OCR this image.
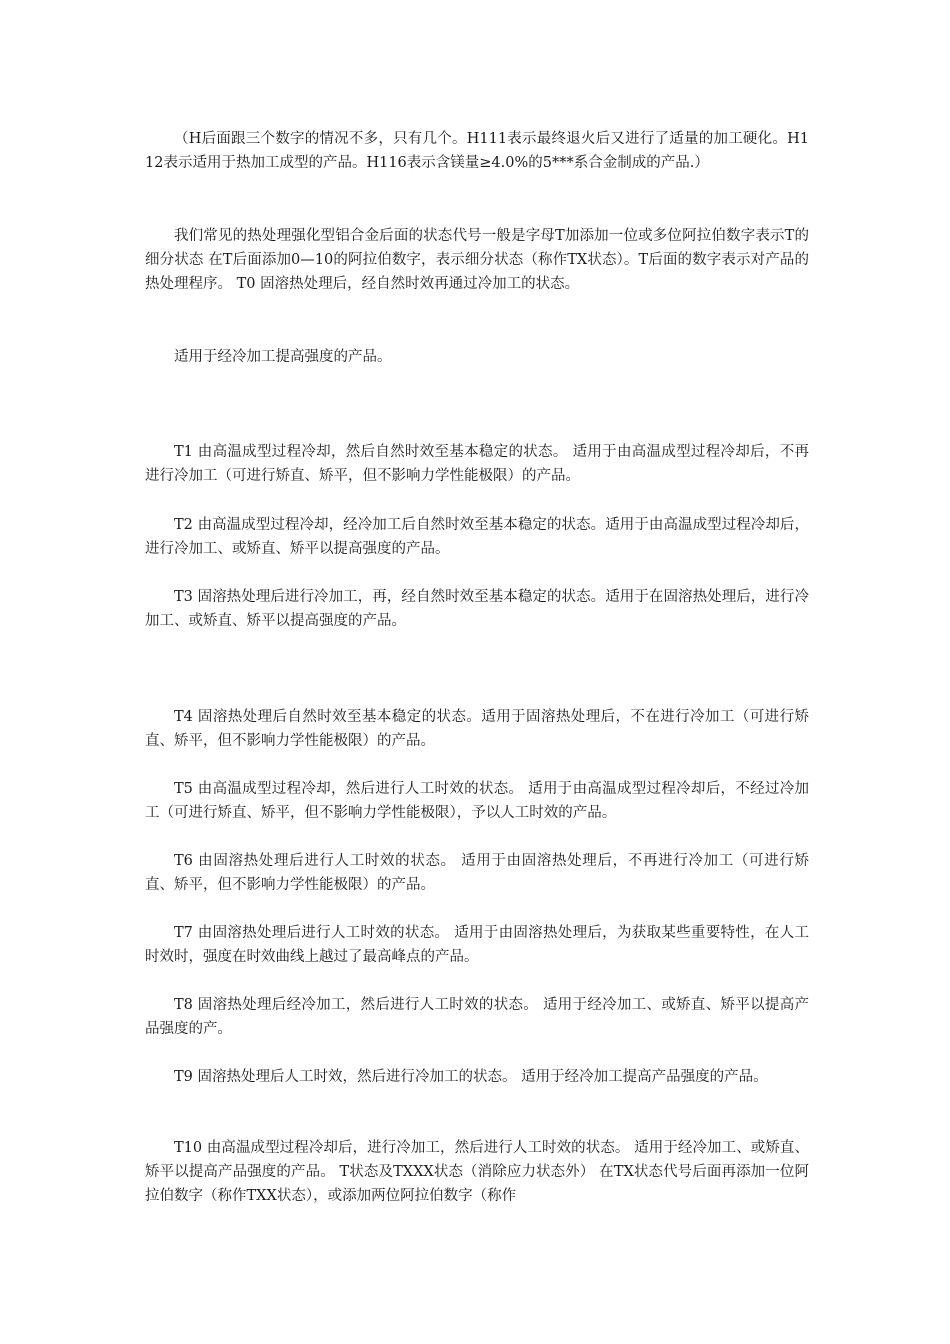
（H后面跟三个数字的情况不多，只有几个。H111表示最终退火后又进行了适量的加工硬化。H112表示适用于热加工成型的产品。H116表示含镁量≥4.0%的5***系合金制成的产品.）

我们常见的热处理强化型铝合金后面的状态代号一般是字母T加添加一位或多位阿拉伯数字表示T的细分状态 在T后面添加0—10的阿拉伯数字，表示细分状态（称作TX状态）。T后面的数字表示对产品的热处理程序。 T0 固溶热处理后，经自然时效再通过冷加工的状态。

适用于经冷加工提高强度的产品。

T1 由高温成型过程冷却，然后自然时效至基本稳定的状态。 适用于由高温成型过程冷却后，不再进行冷加工（可进行矫直、矫平，但不影响力学性能极限）的产品。

T2 由高温成型过程冷却，经冷加工后自然时效至基本稳定的状态。适用于由高温成型过程冷却后，进行冷加工、或矫直、矫平以提高强度的产品。

T3 固溶热处理后进行冷加工，再，经自然时效至基本稳定的状态。适用于在固溶热处理后，进行冷加工、或矫直、矫平以提高强度的产品。

T4 固溶热处理后自然时效至基本稳定的状态。适用于固溶热处理后，不在进行冷加工（可进行矫直、矫平，但不影响力学性能极限）的产品。

T5 由高温成型过程冷却，然后进行人工时效的状态。 适用于由高温成型过程冷却后，不经过冷加工（可进行矫直、矫平，但不影响力学性能极限），予以人工时效的产品。

T6 由固溶热处理后进行人工时效的状态。 适用于由固溶热处理后，不再进行冷加工（可进行矫直、矫平，但不影响力学性能极限）的产品。

T7 由固溶热处理后进行人工时效的状态。 适用于由固溶热处理后，为获取某些重要特性，在人工时效时，强度在时效曲线上越过了最高峰点的产品。

T8 固溶热处理后经冷加工，然后进行人工时效的状态。 适用于经冷加工、或矫直、矫平以提高产品强度的产。

T9 固溶热处理后人工时效，然后进行冷加工的状态。 适用于经冷加工提高产品强度的产品。

T10 由高温成型过程冷却后，进行冷加工，然后进行人工时效的状态。 适用于经冷加工、或矫直、矫平以提高产品强度的产品。 T状态及TXXX状态（消除应力状态外） 在TX状态代号后面再添加一位阿拉伯数字（称作TXX状态），或添加两位阿拉伯数字（称作
